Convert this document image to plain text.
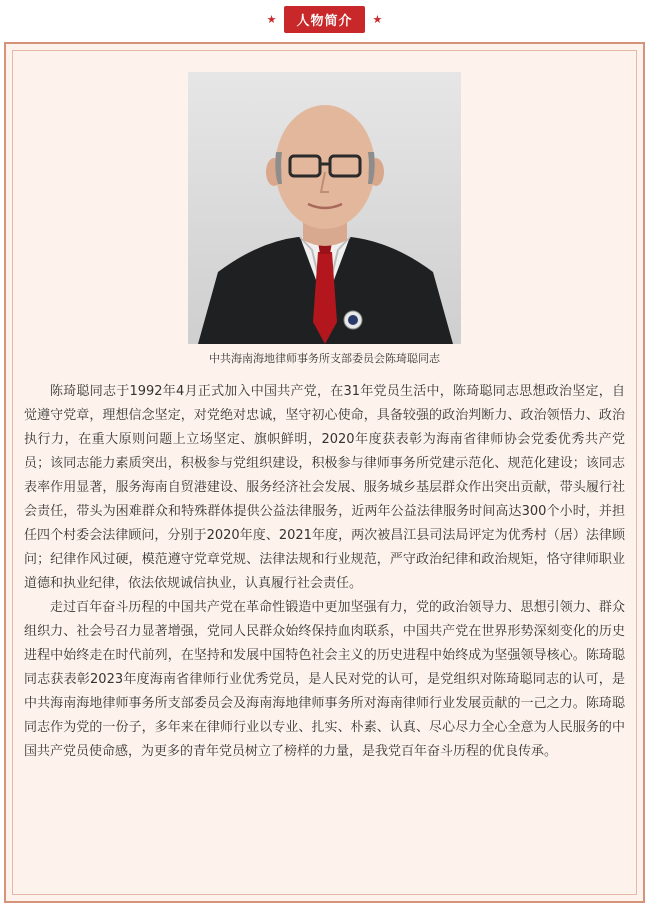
★	人物简介	★
中共海南海地律师事务所支部委员会陈琦聪同志

陈琦聪同志于1992年4月正式加入中国共产党，在31年党员生活中，陈琦聪同志思想政治坚定，自觉遵守党章，理想信念坚定，对党绝对忠诚，坚守初心使命，具备较强的政治判断力、政治领悟力、政治执行力，在重大原则问题上立场坚定、旗帜鲜明，2020年度获表彰为海南省律师协会党委优秀共产党员；该同志能力素质突出，积极参与党组织建设，积极参与律师事务所党建示范化、规范化建设；该同志表率作用显著，服务海南自贸港建设、服务经济社会发展、服务城乡基层群众作出突出贡献，带头履行社会责任，带头为困难群众和特殊群体提供公益法律服务，近两年公益法律服务时间高达300个小时，并担任四个村委会法律顾问，分别于2020年度、2021年度，两次被昌江县司法局评定为优秀村（居）法律顾问；纪律作风过硬，模范遵守党章党规、法律法规和行业规范，严守政治纪律和政治规矩，恪守律师职业道德和执业纪律，依法依规诚信执业，认真履行社会责任。

走过百年奋斗历程的中国共产党在革命性锻造中更加坚强有力，党的政治领导力、思想引领力、群众组织力、社会号召力显著增强，党同人民群众始终保持血肉联系，中国共产党在世界形势深刻变化的历史进程中始终走在时代前列，在坚持和发展中国特色社会主义的历史进程中始终成为坚强领导核心。陈琦聪同志获表彰2023年度海南省律师行业优秀党员，是人民对党的认可，是党组织对陈琦聪同志的认可，是中共海南海地律师事务所支部委员会及海南海地律师事务所对海南律师行业发展贡献的一己之力。陈琦聪同志作为党的一份子，多年来在律师行业以专业、扎实、朴素、认真、尽心尽力全心全意为人民服务的中国共产党员使命感，为更多的青年党员树立了榜样的力量，是我党百年奋斗历程的优良传承。
